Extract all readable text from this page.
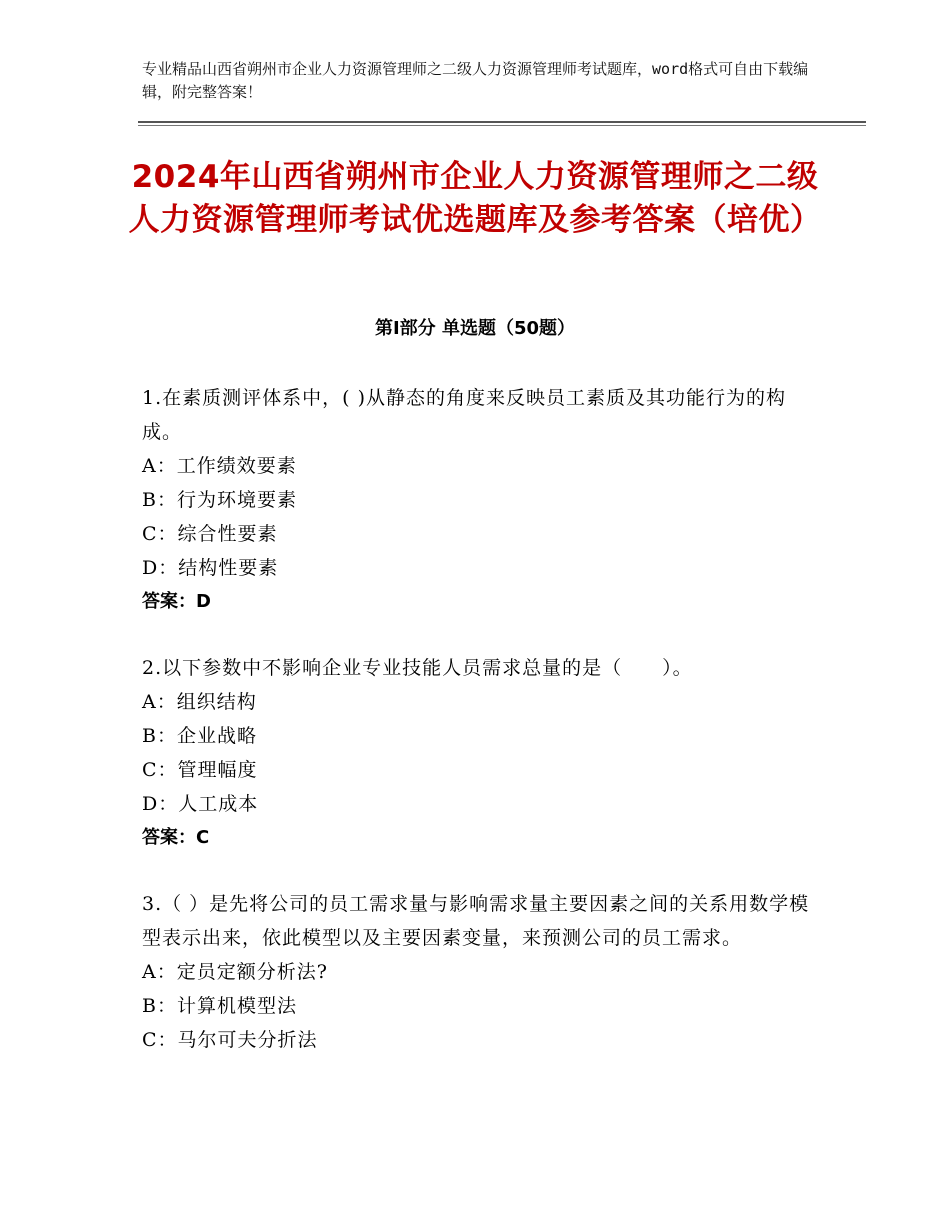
专业精品山西省朔州市企业人力资源管理师之二级人力资源管理师考试题库，word格式可自由下载编辑，附完整答案！
2024年山西省朔州市企业人力资源管理师之二级人力资源管理师考试优选题库及参考答案（培优）
第Ⅰ部分 单选题（50题）
1.在素质测评体系中，( )从静态的角度来反映员工素质及其功能行为的构成。
A：工作绩效要素
B：行为环境要素
C：综合性要素
D：结构性要素
答案：D
2.以下参数中不影响企业专业技能人员需求总量的是（　　）。
A：组织结构
B：企业战略
C：管理幅度
D：人工成本
答案：C
3.（ ）是先将公司的员工需求量与影响需求量主要因素之间的关系用数学模型表示出来，依此模型以及主要因素变量，来预测公司的员工需求。
A：定员定额分析法?
B：计算机模型法
C：马尔可夫分折法
